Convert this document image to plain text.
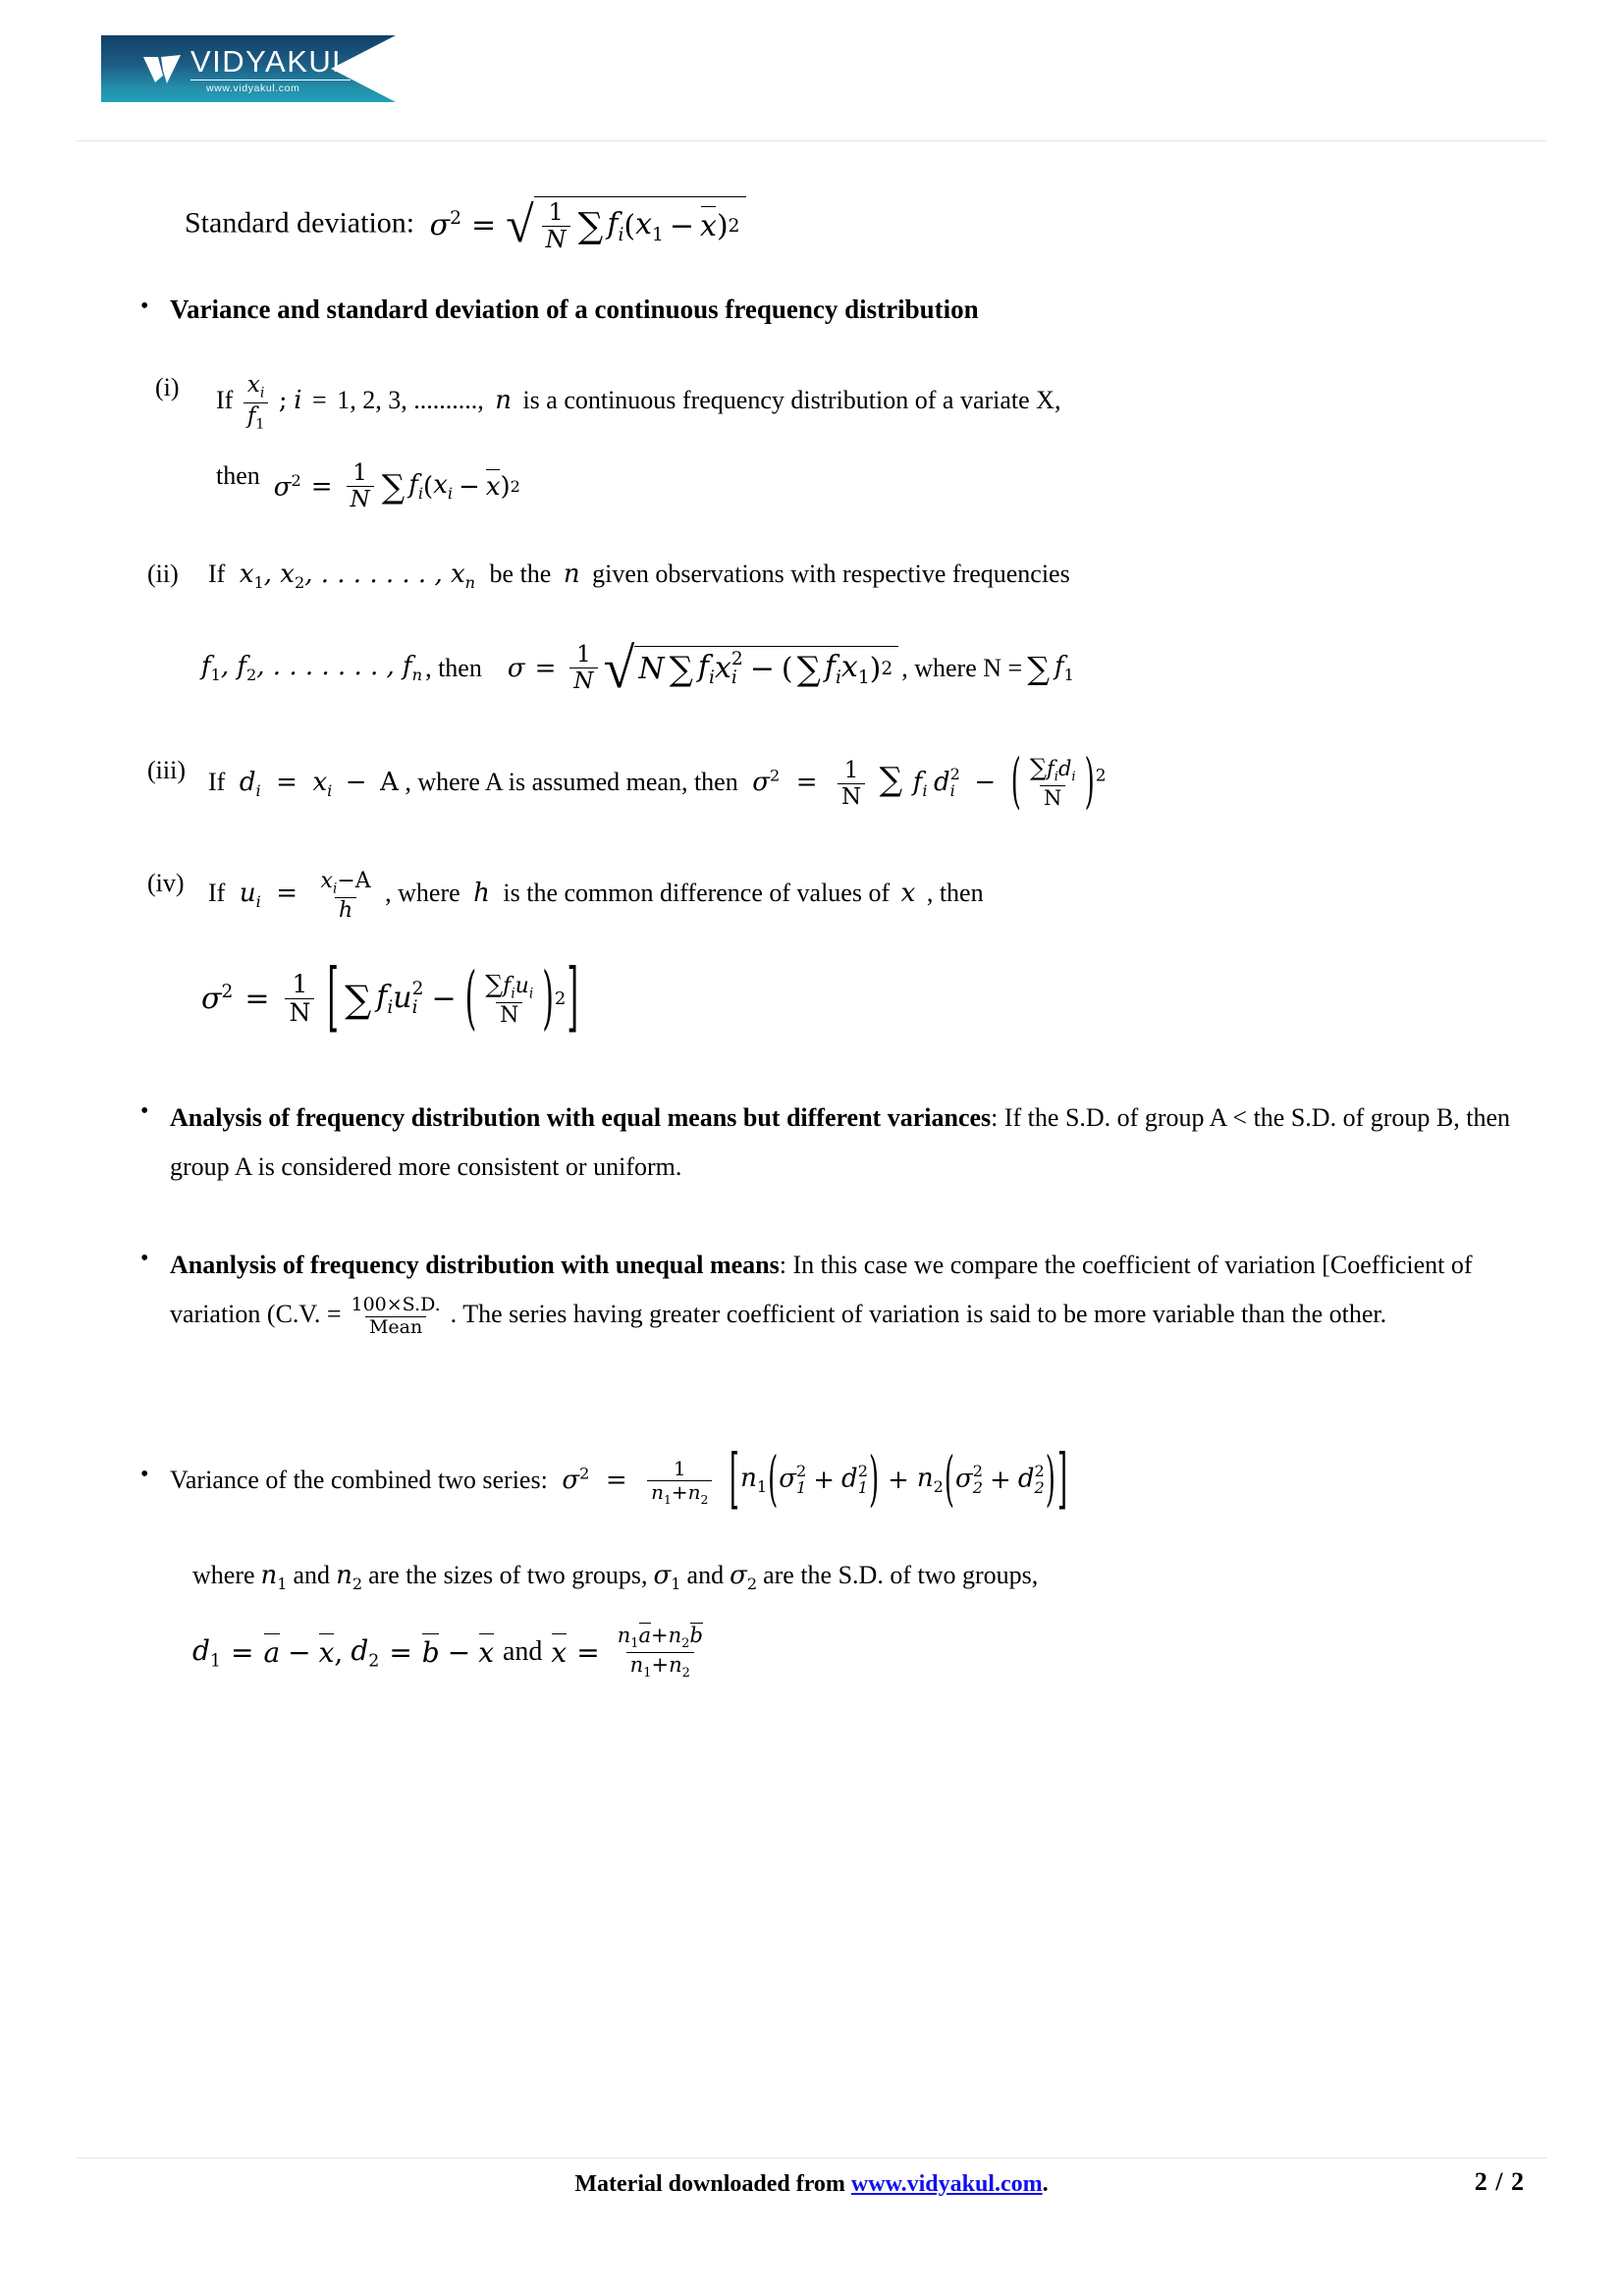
VIDYAKUL
www.vidyakul.com
Standard deviation: $\sigma^2$ = √ $\frac{1}{N}$ ∑ $f_i$ ( $x_1 - x$ ) 2
• Variance and standard deviation of a continuous frequency distribution
(i)	If $\frac{x_i}{f_1}$ ; i = 1, 2, 3, .........., n is a continuous frequency distribution of a variate X,
then $\sigma^2 = \frac{1}{N}$ ∑ $f_i$ ( $x_i - x$ ) 2
(ii)	If $x_1$, $x_2$, . . . . . . . , $x_n$ be the n given observations with respective frequencies
$f_1$, $f_2$, . . . . . . . , $f_n$ , then $\sigma = \frac{1}{N}$ √ N ∑ $f_i$ x 2
i − ( ∑ $f_ix_1$ ) 2 , where N = ∑ $f_1$
(iii) If $d_i = x_i - A$ , where A is assumed mean, then $\sigma^2 = \frac{1}{N}$ ∑ $f_i$ d 2
i − ( $\frac{\sum f_id_i}{N}$ ) $^2$
(iv) If $u_i = \frac{x_i-A}{h}$ , where h is the common difference of values of x , then
$\sigma^2 = \frac{1}{N}$ [ ∑ $f_i$ u 2
i − ( $\frac{\sum f_iu_i}{N}$ ) 2 ]
• Analysis of frequency distribution with equal means but different variances: If the S.D. of group A < the S.D. of group B, then group A is considered more consistent or uniform.
• Ananlysis of frequency distribution with unequal means: In this case we compare the coefficient of variation [Coefficient of variation (C.V. = $\frac{100\times S.D.}{\text{Mean}}$ . The series having greater coefficient of variation is said to be more variable than the other.
• Variance of the combined two series: $\sigma^2 = \frac{1}{n_1+n_2}$
[ $n_1$ ( σ 2
1 + d 2
1 ) + $n_2$ ( σ 2
2 + d 2
2 ) ]
where $n_1$ and $n_2$ are the sizes of two groups, $\sigma_1$ and $\sigma_2$ are the S.D. of two groups,
$d_1 = a - x$ , $d_2 = b - x$ and $x = \frac{n_1a+n_2b}{n_1+n_2}$
Material downloaded from www.vidyakul.com.	2 / 2
